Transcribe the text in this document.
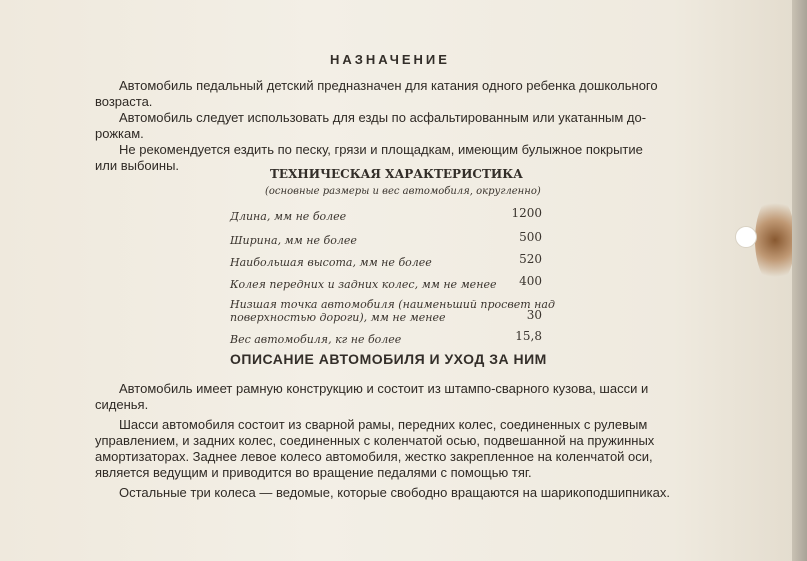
НАЗНАЧЕНИЕ
Автомобиль педальный детский предназначен для катания одного ребенка дошкольного
возраста.
Автомобиль следует использовать для езды по асфальтированным или укатанным до-
рожкам.
Не рекомендуется ездить по песку, грязи и площадкам, имеющим булыжное покрытие
или выбоины.
ТЕХНИЧЕСКАЯ ХАРАКТЕРИСТИКА
(основные размеры и вес автомобиля, округленно)
Длина, мм не более	1200
Ширина, мм не более	500
Наибольшая высота, мм не более	520
Колея передних и задних колес, мм не менее	400
Низшая точка автомобиля (наименьший просвет над
поверхностью дороги), мм не менее	30
Вес автомобиля, кг не более	15,8
ОПИСАНИЕ АВТОМОБИЛЯ И УХОД ЗА НИМ
Автомобиль имеет рамную конструкцию и состоит из штампо-сварного кузова, шасси и
сиденья.
Шасси автомобиля состоит из сварной рамы, передних колес, соединенных с рулевым
управлением, и задних колес, соединенных с коленчатой осью, подвешанной на пружинных
амортизаторах. Заднее левое колесо автомобиля, жестко закрепленное на коленчатой оси,
является ведущим и приводится во вращение педалями с помощью тяг.
Остальные три колеса — ведомые, которые свободно вращаются на шарикоподшипниках.
